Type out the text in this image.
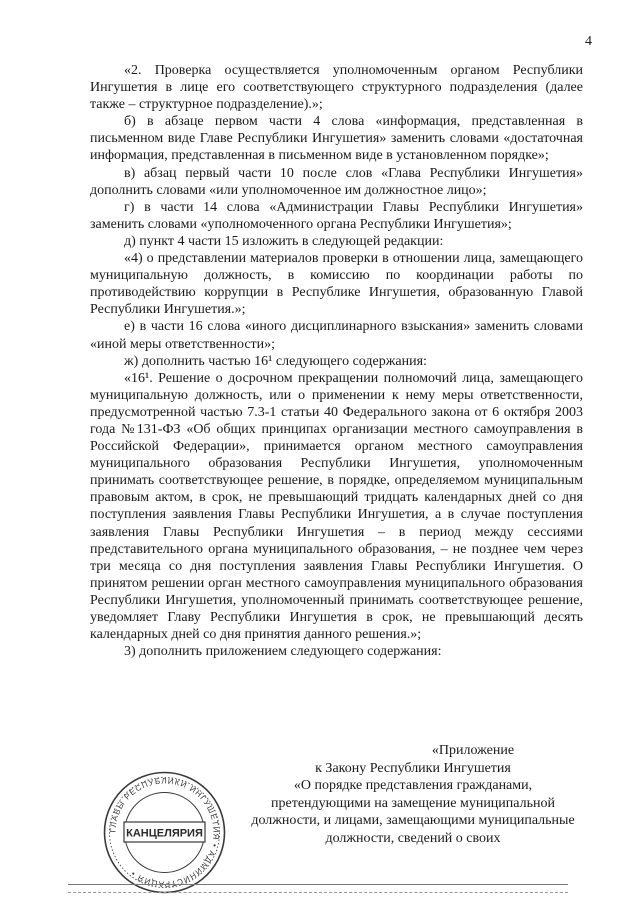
4

«2. Проверка осуществляется уполномоченным органом Республики Ингушетия в лице его соответствующего структурного подразделения (далее также – структурное подразделение).»;

б) в абзаце первом части 4 слова «информация, представленная в письменном виде Главе Республики Ингушетия» заменить словами «достаточная информация, представленная в письменном виде в установленном порядке»;

в) абзац первый части 10 после слов «Глава Республики Ингушетия» дополнить словами «или уполномоченное им должностное лицо»;

г) в части 14 слова «Администрации Главы Республики Ингушетия» заменить словами «уполномоченного органа Республики Ингушетия»;

д) пункт 4 части 15 изложить в следующей редакции:

«4) о представлении материалов проверки в отношении лица, замещающего муниципальную должность, в комиссию по координации работы по противодействию коррупции в Республике Ингушетия, образованную Главой Республики Ингушетия.»;

е) в части 16 слова «иного дисциплинарного взыскания» заменить словами «иной меры ответственности»;

ж) дополнить частью 16¹ следующего содержания:

«16¹. Решение о досрочном прекращении полномочий лица, замещающего муниципальную должность, или о применении к нему меры ответственности, предусмотренной частью 7.3-1 статьи 40 Федерального закона от 6 октября 2003 года №131-ФЗ «Об общих принципах организации местного самоуправления в Российской Федерации», принимается органом местного самоуправления муниципального образования Республики Ингушетия, уполномоченным принимать соответствующее решение, в порядке, определяемом муниципальным правовым актом, в срок, не превышающий тридцать календарных дней со дня поступления заявления Главы Республики Ингушетия, а в случае поступления заявления Главы Республики Ингушетия – в период между сессиями представительного органа муниципального образования, – не позднее чем через три месяца со дня поступления заявления Главы Республики Ингушетия. О принятом решении орган местного самоуправления муниципального образования Республики Ингушетия, уполномоченный принимать соответствующее решение, уведомляет Главу Республики Ингушетия в срок, не превышающий десять календарных дней со дня принятия данного решения.»;

3) дополнить приложением следующего содержания:

«Приложение
к Закону Республики Ингушетия
«О порядке представления гражданами, претендующими на замещение муниципальной должности, и лицами, замещающими муниципальные должности, сведений о своих
ГЛАВЫ РЕСПУБЛИКИ ИНГУШЕТИЯ • АДМИНИСТРАЦИЯ •
КАНЦЕЛЯРИЯ
